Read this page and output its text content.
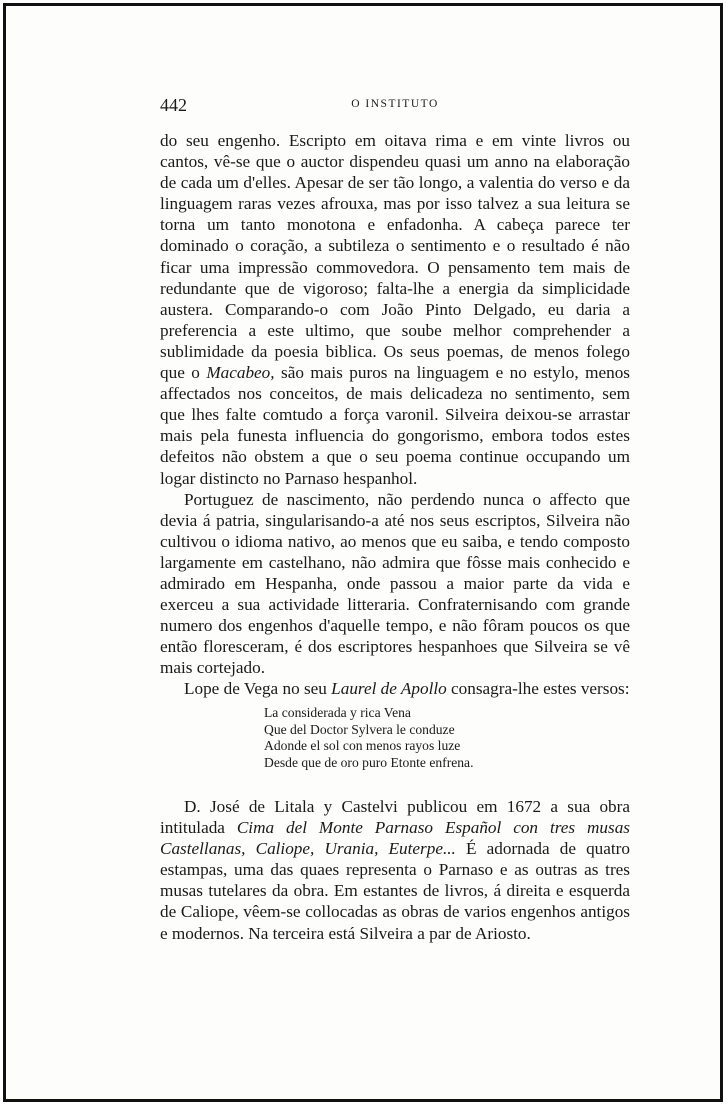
442	O INSTITUTO

do seu engenho. Escripto em oitava rima e em vinte livros ou cantos, vê-se que o auctor dispendeu quasi um anno na elaboração de cada um d'elles. Apesar de ser tão longo, a valentia do verso e da linguagem raras vezes afrouxa, mas por isso talvez a sua leitura se torna um tanto monotona e enfadonha. A cabeça parece ter dominado o coração, a subtileza o sentimento e o resultado é não ficar uma impressão commovedora. O pensamento tem mais de redundante que de vigoroso; falta-lhe a energia da simplicidade austera. Comparando-o com João Pinto Delgado, eu daria a preferencia a este ultimo, que soube melhor comprehender a sublimidade da poesia biblica. Os seus poemas, de menos folego que o Macabeo, são mais puros na linguagem e no estylo, menos affectados nos conceitos, de mais delicadeza no sentimento, sem que lhes falte comtudo a força varonil. Silveira deixou-se arrastar mais pela funesta influencia do gongorismo, embora todos estes defeitos não obstem a que o seu poema continue occupando um logar distincto no Parnaso hespanhol.

Portuguez de nascimento, não perdendo nunca o affecto que devia á patria, singularisando-a até nos seus escriptos, Silveira não cultivou o idioma nativo, ao menos que eu saiba, e tendo composto largamente em castelhano, não admira que fôsse mais conhecido e admirado em Hespanha, onde passou a maior parte da vida e exerceu a sua actividade litteraria. Confraternisando com grande numero dos engenhos d'aquelle tempo, e não fôram poucos os que então floresceram, é dos escriptores hespanhoes que Silveira se vê mais cortejado.

Lope de Vega no seu Laurel de Apollo consagra-lhe estes versos:

La considerada y rica Vena
Que del Doctor Sylvera le conduze
Adonde el sol con menos rayos luze
Desde que de oro puro Etonte enfrena.

D. José de Litala y Castelvi publicou em 1672 a sua obra intitulada Cima del Monte Parnaso Español con tres musas Castellanas, Caliope, Urania, Euterpe... É adornada de quatro estampas, uma das quaes representa o Parnaso e as outras as tres musas tutelares da obra. Em estantes de livros, á direita e esquerda de Caliope, vêem-se collocadas as obras de varios engenhos antigos e modernos. Na terceira está Silveira a par de Ariosto.
